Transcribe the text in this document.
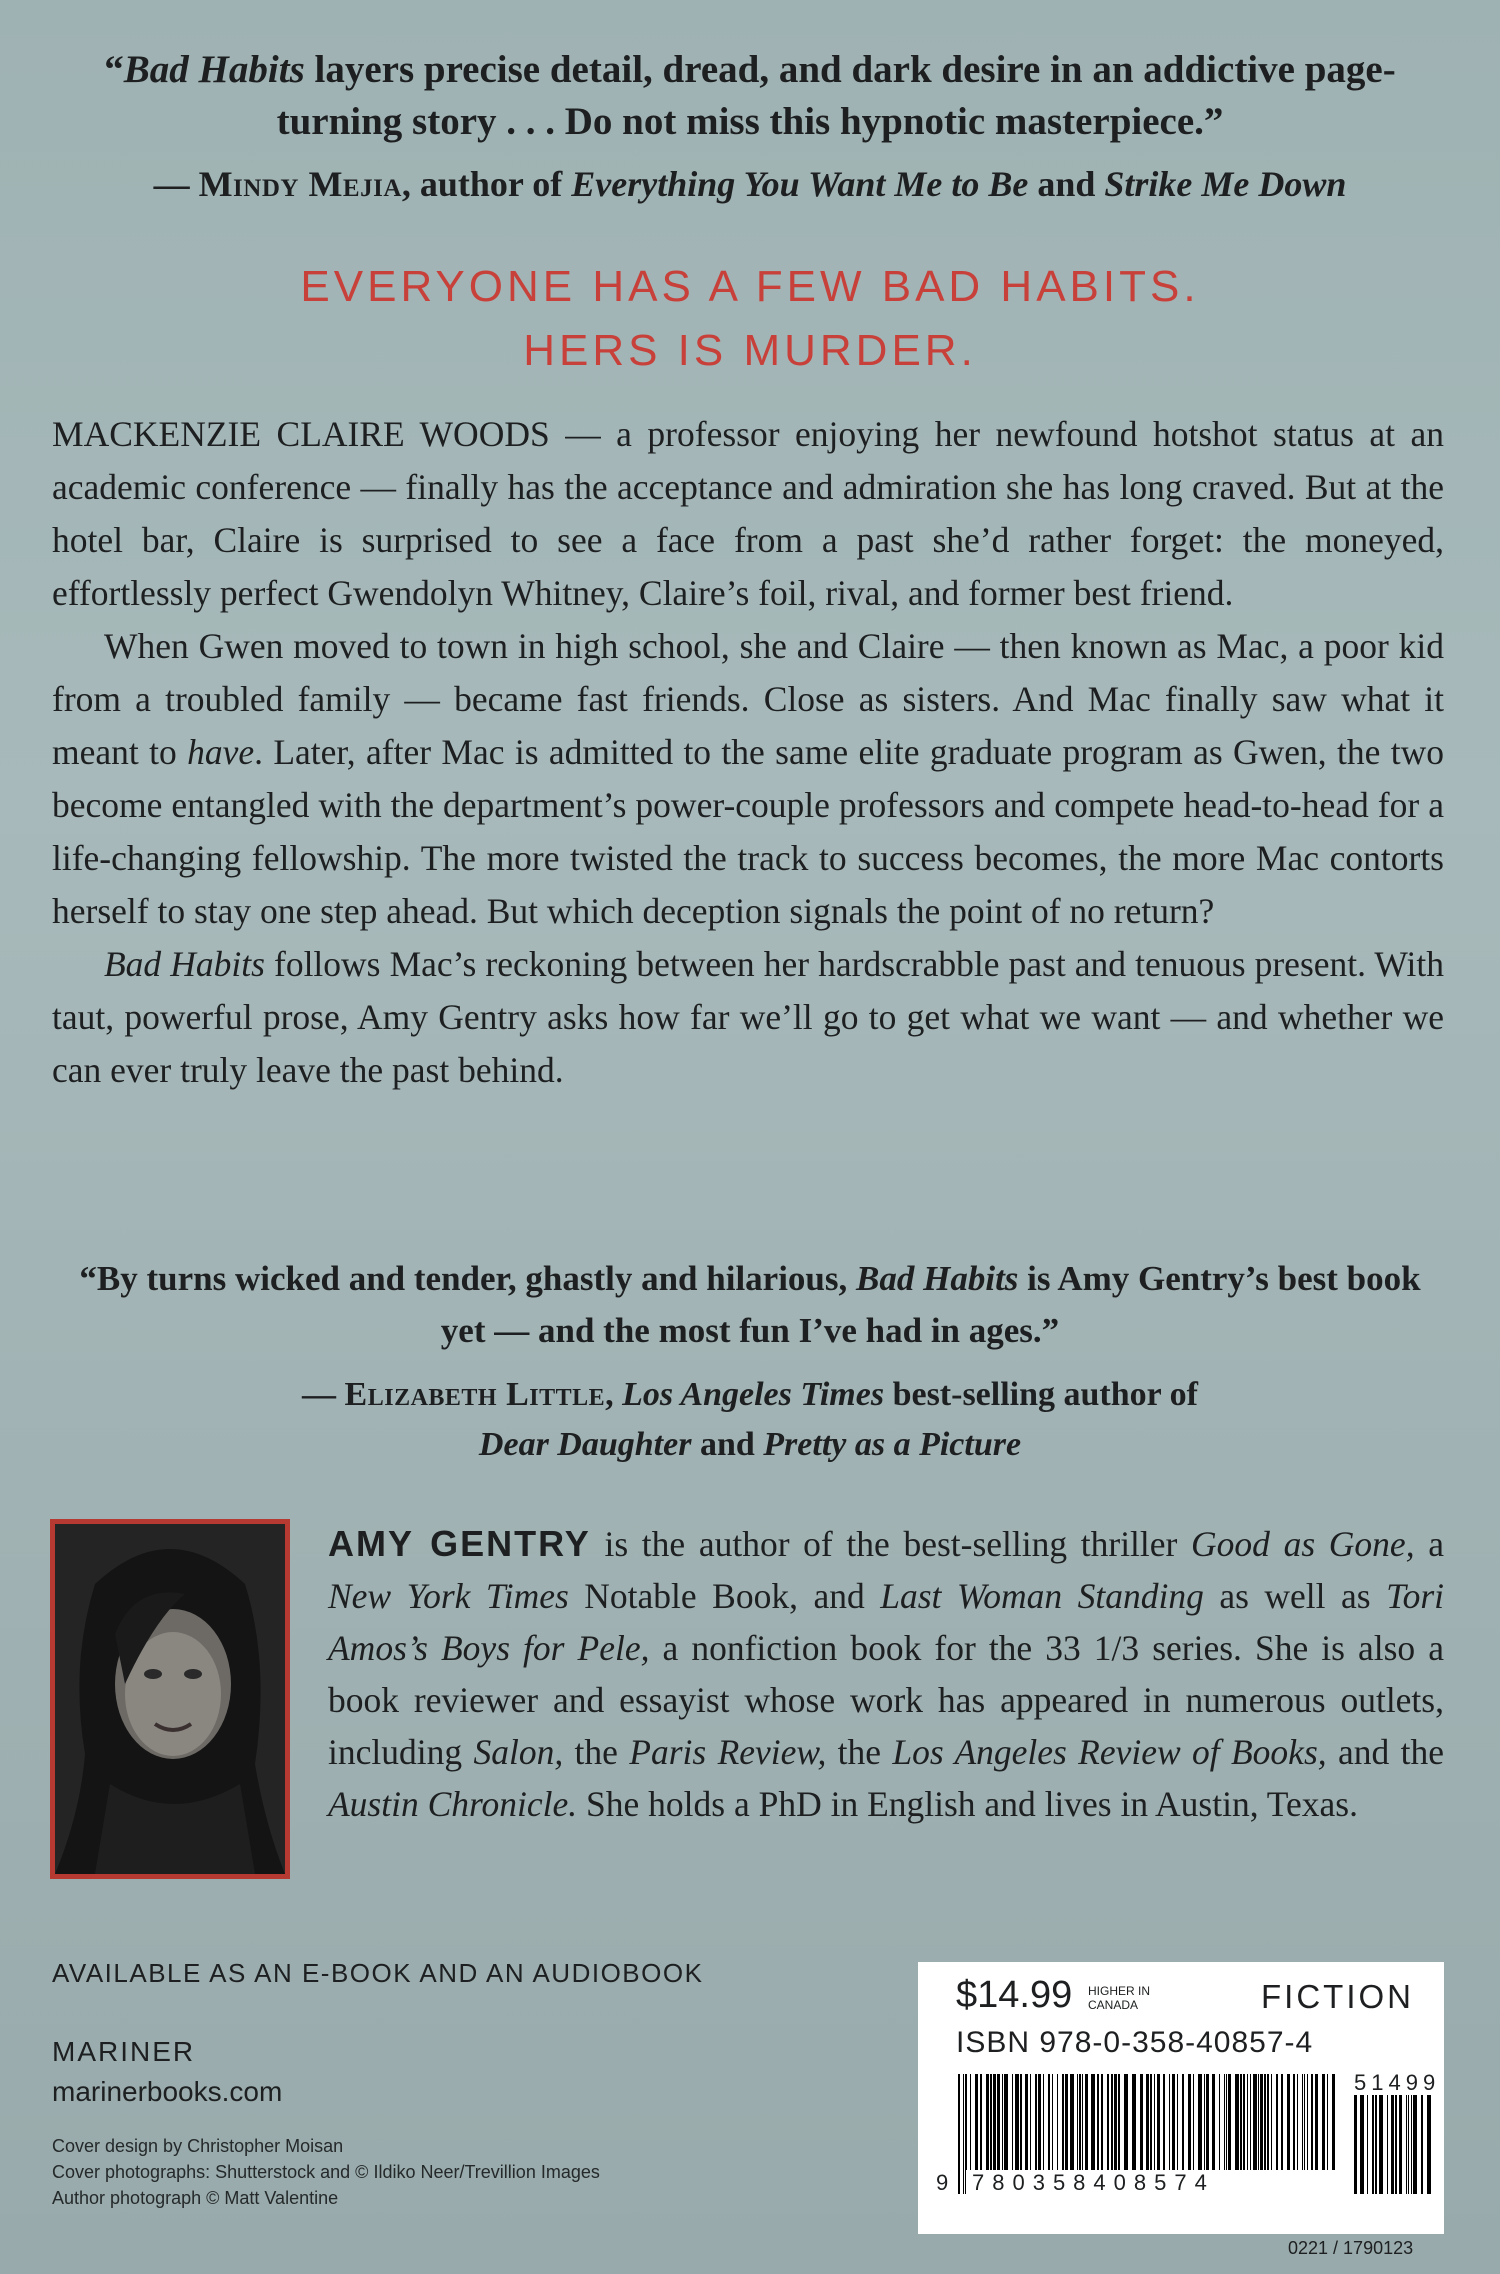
“Bad Habits layers precise detail, dread, and dark desire in an addictive page-turning story . . . Do not miss this hypnotic masterpiece.”
— Mindy Mejia, author of Everything You Want Me to Be and Strike Me Down
EVERYONE HAS A FEW BAD HABITS.
HERS IS MURDER.

MACKENZIE CLAIRE WOODS — a professor enjoying her newfound hotshot status at an academic conference — finally has the acceptance and admiration she has long craved. But at the hotel bar, Claire is surprised to see a face from a past she’d rather forget: the moneyed, effortlessly perfect Gwendolyn Whitney, Claire’s foil, rival, and former best friend.

When Gwen moved to town in high school, she and Claire — then known as Mac, a poor kid from a troubled family — became fast friends. Close as sisters. And Mac finally saw what it meant to have. Later, after Mac is admitted to the same elite graduate program as Gwen, the two become entangled with the department’s power-couple professors and compete head-to-head for a life-changing fellowship. The more twisted the track to success becomes, the more Mac contorts herself to stay one step ahead. But which deception signals the point of no return?

Bad Habits follows Mac’s reckoning between her hardscrabble past and tenuous present. With taut, powerful prose, Amy Gentry asks how far we’ll go to get what we want — and whether we can ever truly leave the past behind.

“By turns wicked and tender, ghastly and hilarious, Bad Habits is Amy Gentry’s best book yet — and the most fun I’ve had in ages.”
— Elizabeth Little, Los Angeles Times best-selling author of
Dear Daughter and Pretty as a Picture
AMY GENTRY is the author of the best-selling thriller Good as Gone, a New York Times Notable Book, and Last Woman Standing as well as Tori Amos’s Boys for Pele, a nonfiction book for the 33 1/3 series. She is also a book reviewer and essayist whose work has appeared in numerous outlets, including Salon, the Paris Review, the Los Angeles Review of Books, and the Austin Chronicle. She holds a PhD in English and lives in Austin, Texas.
AVAILABLE AS AN E-BOOK AND AN AUDIOBOOK
MARINER
marinerbooks.com
Cover design by Christopher Moisan
Cover photographs: Shutterstock and © Ildiko Neer/Trevillion Images
Author photograph © Matt Valentine
$14.99 HIGHER IN
CANADA	FICTION
ISBN 978-0-358-40857-4
51499
9 780358408574
0221 / 1790123
